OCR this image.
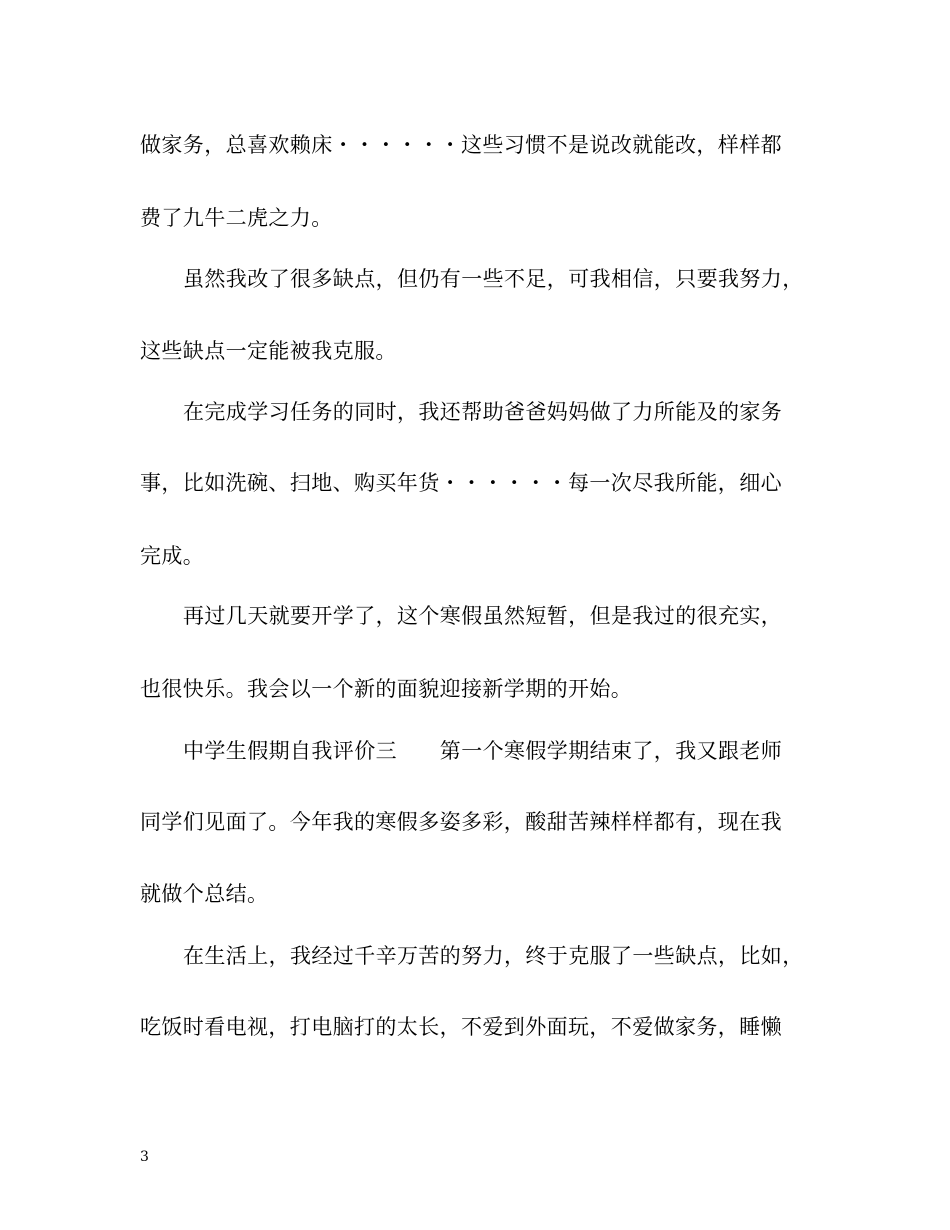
做家务，总喜欢赖床・・・・・・这些习惯不是说改就能改，样样都
费了九牛二虎之力。
虽然我改了很多缺点，但仍有一些不足，可我相信，只要我努力，
这些缺点一定能被我克服。
在完成学习任务的同时，我还帮助爸爸妈妈做了力所能及的家务
事，比如洗碗、扫地、购买年货・・・・・・每一次尽我所能，细心
完成。
再过几天就要开学了，这个寒假虽然短暂，但是我过的很充实，
也很快乐。我会以一个新的面貌迎接新学期的开始。
中学生假期自我评价三　　第一个寒假学期结束了，我又跟老师
同学们见面了。今年我的寒假多姿多彩，酸甜苦辣样样都有，现在我
就做个总结。
在生活上，我经过千辛万苦的努力，终于克服了一些缺点，比如，
吃饭时看电视，打电脑打的太长，不爱到外面玩，不爱做家务，睡懒
3
